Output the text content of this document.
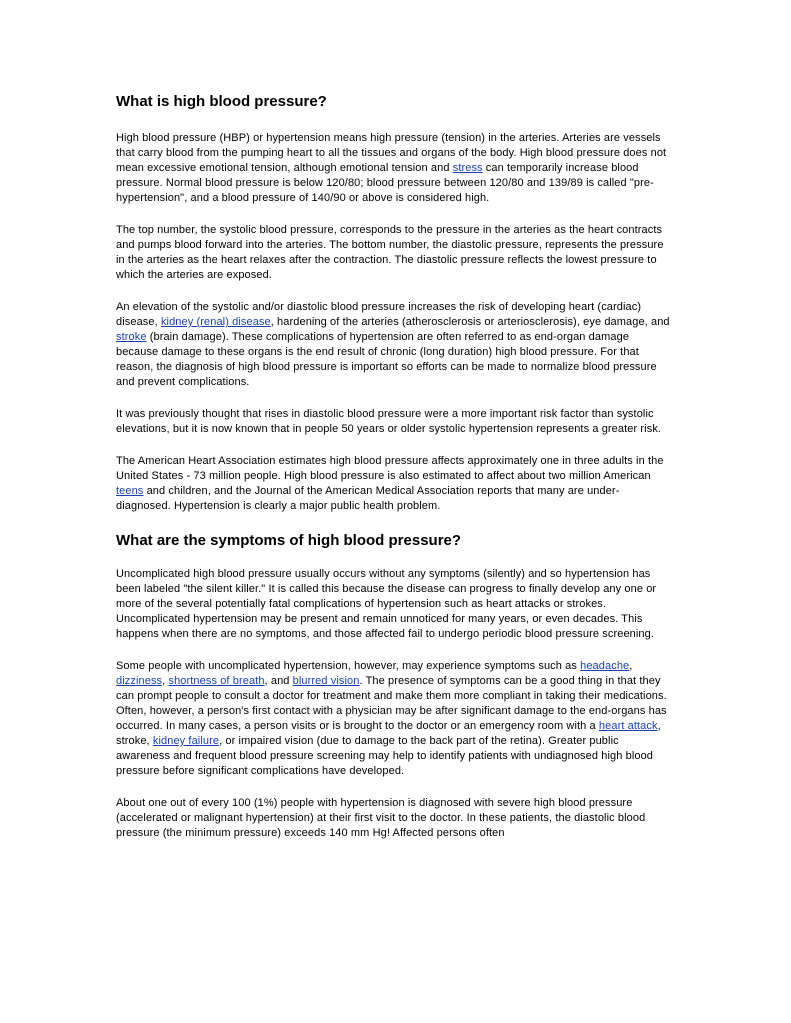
What is high blood pressure?

High blood pressure (HBP) or hypertension means high pressure (tension) in the arteries. Arteries are vessels that carry blood from the pumping heart to all the tissues and organs of the body. High blood pressure does not mean excessive emotional tension, although emotional tension and stress can temporarily increase blood pressure. Normal blood pressure is below 120/80; blood pressure between 120/80 and 139/89 is called "pre-hypertension", and a blood pressure of 140/90 or above is considered high.

The top number, the systolic blood pressure, corresponds to the pressure in the arteries as the heart contracts and pumps blood forward into the arteries. The bottom number, the diastolic pressure, represents the pressure in the arteries as the heart relaxes after the contraction. The diastolic pressure reflects the lowest pressure to which the arteries are exposed.

An elevation of the systolic and/or diastolic blood pressure increases the risk of developing heart (cardiac) disease, kidney (renal) disease, hardening of the arteries (atherosclerosis or arteriosclerosis), eye damage, and stroke (brain damage). These complications of hypertension are often referred to as end-organ damage because damage to these organs is the end result of chronic (long duration) high blood pressure. For that reason, the diagnosis of high blood pressure is important so efforts can be made to normalize blood pressure and prevent complications.

It was previously thought that rises in diastolic blood pressure were a more important risk factor than systolic elevations, but it is now known that in people 50 years or older systolic hypertension represents a greater risk.

The American Heart Association estimates high blood pressure affects approximately one in three adults in the United States - 73 million people. High blood pressure is also estimated to affect about two million American teens and children, and the Journal of the American Medical Association reports that many are under-diagnosed. Hypertension is clearly a major public health problem.

What are the symptoms of high blood pressure?

Uncomplicated high blood pressure usually occurs without any symptoms (silently) and so hypertension has been labeled "the silent killer." It is called this because the disease can progress to finally develop any one or more of the several potentially fatal complications of hypertension such as heart attacks or strokes. Uncomplicated hypertension may be present and remain unnoticed for many years, or even decades. This happens when there are no symptoms, and those affected fail to undergo periodic blood pressure screening.

Some people with uncomplicated hypertension, however, may experience symptoms such as headache, dizziness, shortness of breath, and blurred vision. The presence of symptoms can be a good thing in that they can prompt people to consult a doctor for treatment and make them more compliant in taking their medications. Often, however, a person's first contact with a physician may be after significant damage to the end-organs has occurred. In many cases, a person visits or is brought to the doctor or an emergency room with a heart attack, stroke, kidney failure, or impaired vision (due to damage to the back part of the retina). Greater public awareness and frequent blood pressure screening may help to identify patients with undiagnosed high blood pressure before significant complications have developed.

About one out of every 100 (1%) people with hypertension is diagnosed with severe high blood pressure (accelerated or malignant hypertension) at their first visit to the doctor. In these patients, the diastolic blood pressure (the minimum pressure) exceeds 140 mm Hg! Affected persons often
